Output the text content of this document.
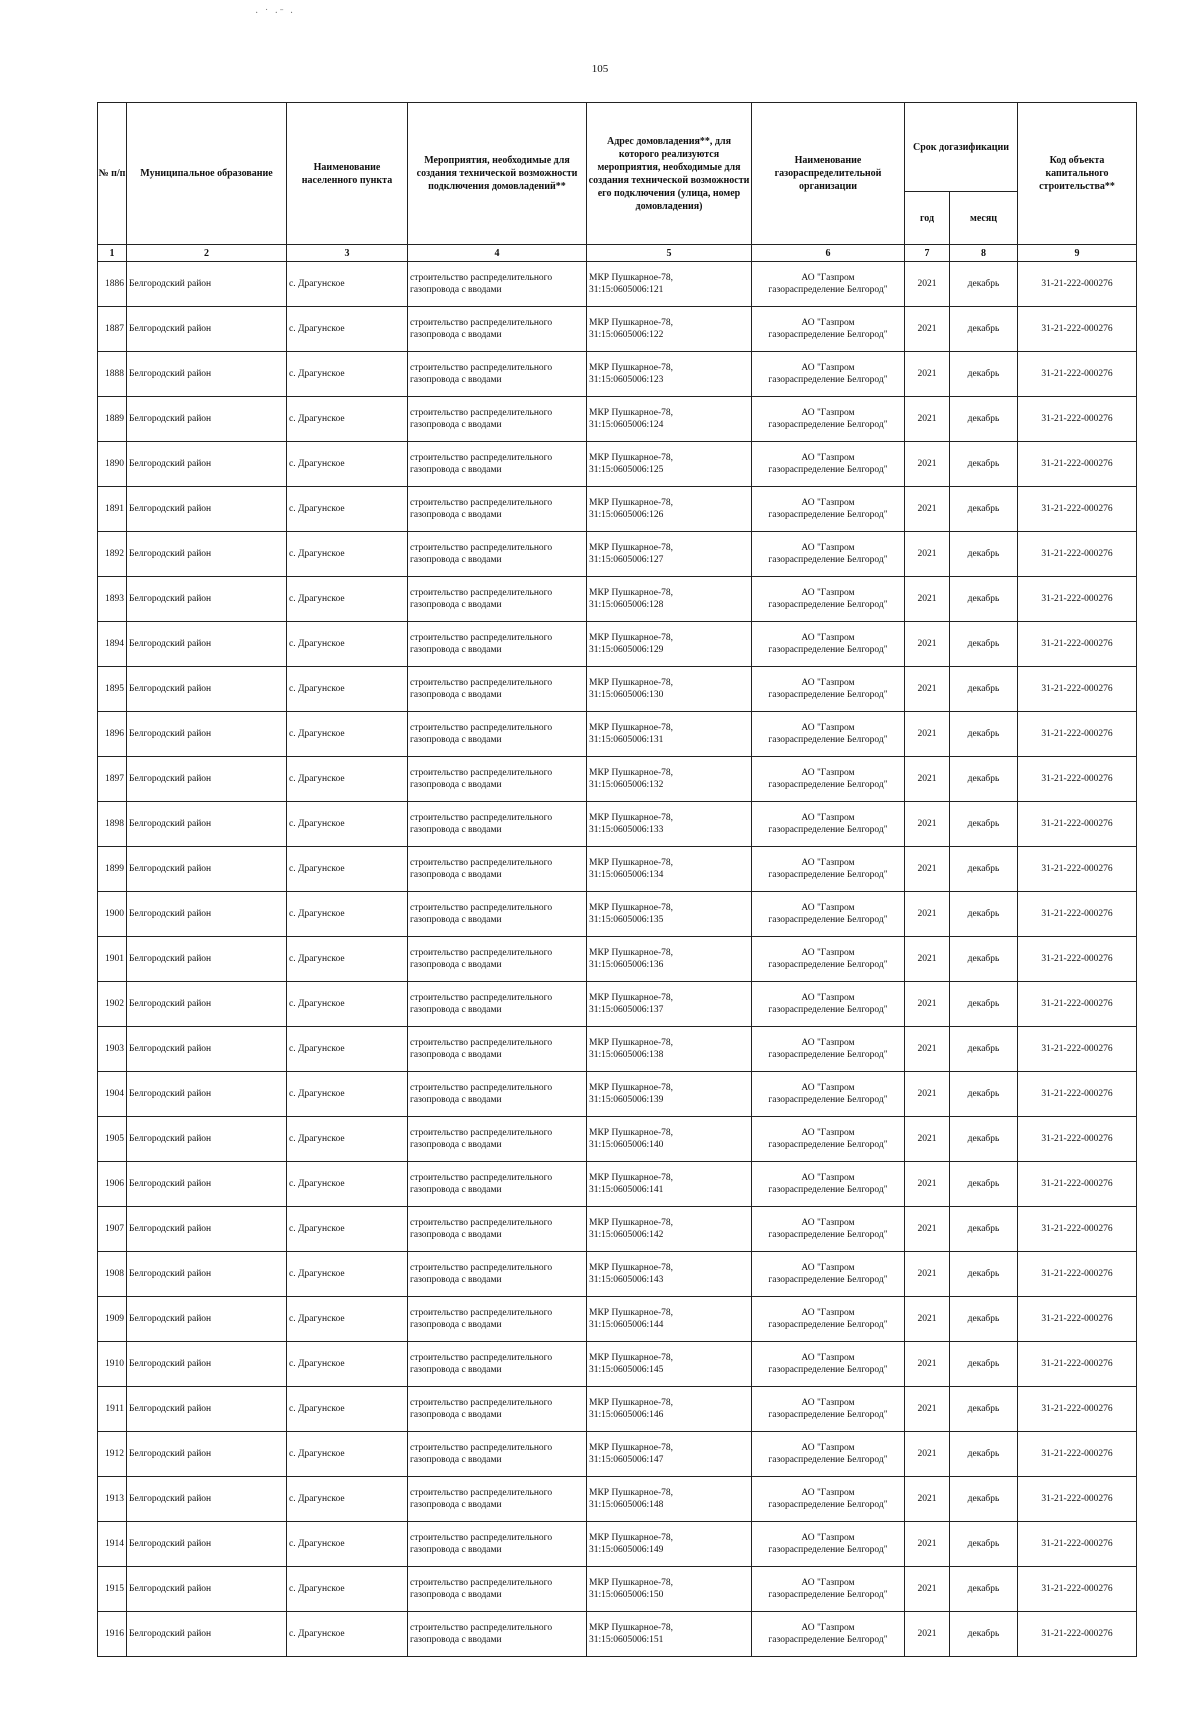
· ˙ ·ˉ ·
105
№ п/п	Муниципальное образование	Наименование населенного пункта	Мероприятия, необходимые для создания технической возможности подключения домовладений**	Адрес домовладения**, для которого реализуются мероприятия, необходимые для создания технической возможности его подключения (улица, номер домовладения)	Наименование газораспределительной организации	Срок догазификации		Код объекта капитального строительства**
						год	месяц	
1	2	3	4	5	6	7	8	9
1886	Белгородский район	с. Драгунское	строительство распределительного
газопровода с вводами	МКР Пушкарное-78,
31:15:0605006:121	АО "Газпром
газораспределение Белгород"	2021	декабрь	31-21-222-000276
1887	Белгородский район	с. Драгунское	строительство распределительного
газопровода с вводами	МКР Пушкарное-78,
31:15:0605006:122	АО "Газпром
газораспределение Белгород"	2021	декабрь	31-21-222-000276
1888	Белгородский район	с. Драгунское	строительство распределительного
газопровода с вводами	МКР Пушкарное-78,
31:15:0605006:123	АО "Газпром
газораспределение Белгород"	2021	декабрь	31-21-222-000276
1889	Белгородский район	с. Драгунское	строительство распределительного
газопровода с вводами	МКР Пушкарное-78,
31:15:0605006:124	АО "Газпром
газораспределение Белгород"	2021	декабрь	31-21-222-000276
1890	Белгородский район	с. Драгунское	строительство распределительного
газопровода с вводами	МКР Пушкарное-78,
31:15:0605006:125	АО "Газпром
газораспределение Белгород"	2021	декабрь	31-21-222-000276
1891	Белгородский район	с. Драгунское	строительство распределительного
газопровода с вводами	МКР Пушкарное-78,
31:15:0605006:126	АО "Газпром
газораспределение Белгород"	2021	декабрь	31-21-222-000276
1892	Белгородский район	с. Драгунское	строительство распределительного
газопровода с вводами	МКР Пушкарное-78,
31:15:0605006:127	АО "Газпром
газораспределение Белгород"	2021	декабрь	31-21-222-000276
1893	Белгородский район	с. Драгунское	строительство распределительного
газопровода с вводами	МКР Пушкарное-78,
31:15:0605006:128	АО "Газпром
газораспределение Белгород"	2021	декабрь	31-21-222-000276
1894	Белгородский район	с. Драгунское	строительство распределительного
газопровода с вводами	МКР Пушкарное-78,
31:15:0605006:129	АО "Газпром
газораспределение Белгород"	2021	декабрь	31-21-222-000276
1895	Белгородский район	с. Драгунское	строительство распределительного
газопровода с вводами	МКР Пушкарное-78,
31:15:0605006:130	АО "Газпром
газораспределение Белгород"	2021	декабрь	31-21-222-000276
1896	Белгородский район	с. Драгунское	строительство распределительного
газопровода с вводами	МКР Пушкарное-78,
31:15:0605006:131	АО "Газпром
газораспределение Белгород"	2021	декабрь	31-21-222-000276
1897	Белгородский район	с. Драгунское	строительство распределительного
газопровода с вводами	МКР Пушкарное-78,
31:15:0605006:132	АО "Газпром
газораспределение Белгород"	2021	декабрь	31-21-222-000276
1898	Белгородский район	с. Драгунское	строительство распределительного
газопровода с вводами	МКР Пушкарное-78,
31:15:0605006:133	АО "Газпром
газораспределение Белгород"	2021	декабрь	31-21-222-000276
1899	Белгородский район	с. Драгунское	строительство распределительного
газопровода с вводами	МКР Пушкарное-78,
31:15:0605006:134	АО "Газпром
газораспределение Белгород"	2021	декабрь	31-21-222-000276
1900	Белгородский район	с. Драгунское	строительство распределительного
газопровода с вводами	МКР Пушкарное-78,
31:15:0605006:135	АО "Газпром
газораспределение Белгород"	2021	декабрь	31-21-222-000276
1901	Белгородский район	с. Драгунское	строительство распределительного
газопровода с вводами	МКР Пушкарное-78,
31:15:0605006:136	АО "Газпром
газораспределение Белгород"	2021	декабрь	31-21-222-000276
1902	Белгородский район	с. Драгунское	строительство распределительного
газопровода с вводами	МКР Пушкарное-78,
31:15:0605006:137	АО "Газпром
газораспределение Белгород"	2021	декабрь	31-21-222-000276
1903	Белгородский район	с. Драгунское	строительство распределительного
газопровода с вводами	МКР Пушкарное-78,
31:15:0605006:138	АО "Газпром
газораспределение Белгород"	2021	декабрь	31-21-222-000276
1904	Белгородский район	с. Драгунское	строительство распределительного
газопровода с вводами	МКР Пушкарное-78,
31:15:0605006:139	АО "Газпром
газораспределение Белгород"	2021	декабрь	31-21-222-000276
1905	Белгородский район	с. Драгунское	строительство распределительного
газопровода с вводами	МКР Пушкарное-78,
31:15:0605006:140	АО "Газпром
газораспределение Белгород"	2021	декабрь	31-21-222-000276
1906	Белгородский район	с. Драгунское	строительство распределительного
газопровода с вводами	МКР Пушкарное-78,
31:15:0605006:141	АО "Газпром
газораспределение Белгород"	2021	декабрь	31-21-222-000276
1907	Белгородский район	с. Драгунское	строительство распределительного
газопровода с вводами	МКР Пушкарное-78,
31:15:0605006:142	АО "Газпром
газораспределение Белгород"	2021	декабрь	31-21-222-000276
1908	Белгородский район	с. Драгунское	строительство распределительного
газопровода с вводами	МКР Пушкарное-78,
31:15:0605006:143	АО "Газпром
газораспределение Белгород"	2021	декабрь	31-21-222-000276
1909	Белгородский район	с. Драгунское	строительство распределительного
газопровода с вводами	МКР Пушкарное-78,
31:15:0605006:144	АО "Газпром
газораспределение Белгород"	2021	декабрь	31-21-222-000276
1910	Белгородский район	с. Драгунское	строительство распределительного
газопровода с вводами	МКР Пушкарное-78,
31:15:0605006:145	АО "Газпром
газораспределение Белгород"	2021	декабрь	31-21-222-000276
1911	Белгородский район	с. Драгунское	строительство распределительного
газопровода с вводами	МКР Пушкарное-78,
31:15:0605006:146	АО "Газпром
газораспределение Белгород"	2021	декабрь	31-21-222-000276
1912	Белгородский район	с. Драгунское	строительство распределительного
газопровода с вводами	МКР Пушкарное-78,
31:15:0605006:147	АО "Газпром
газораспределение Белгород"	2021	декабрь	31-21-222-000276
1913	Белгородский район	с. Драгунское	строительство распределительного
газопровода с вводами	МКР Пушкарное-78,
31:15:0605006:148	АО "Газпром
газораспределение Белгород"	2021	декабрь	31-21-222-000276
1914	Белгородский район	с. Драгунское	строительство распределительного
газопровода с вводами	МКР Пушкарное-78,
31:15:0605006:149	АО "Газпром
газораспределение Белгород"	2021	декабрь	31-21-222-000276
1915	Белгородский район	с. Драгунское	строительство распределительного
газопровода с вводами	МКР Пушкарное-78,
31:15:0605006:150	АО "Газпром
газораспределение Белгород"	2021	декабрь	31-21-222-000276
1916	Белгородский район	с. Драгунское	строительство распределительного
газопровода с вводами	МКР Пушкарное-78,
31:15:0605006:151	АО "Газпром
газораспределение Белгород"	2021	декабрь	31-21-222-000276
